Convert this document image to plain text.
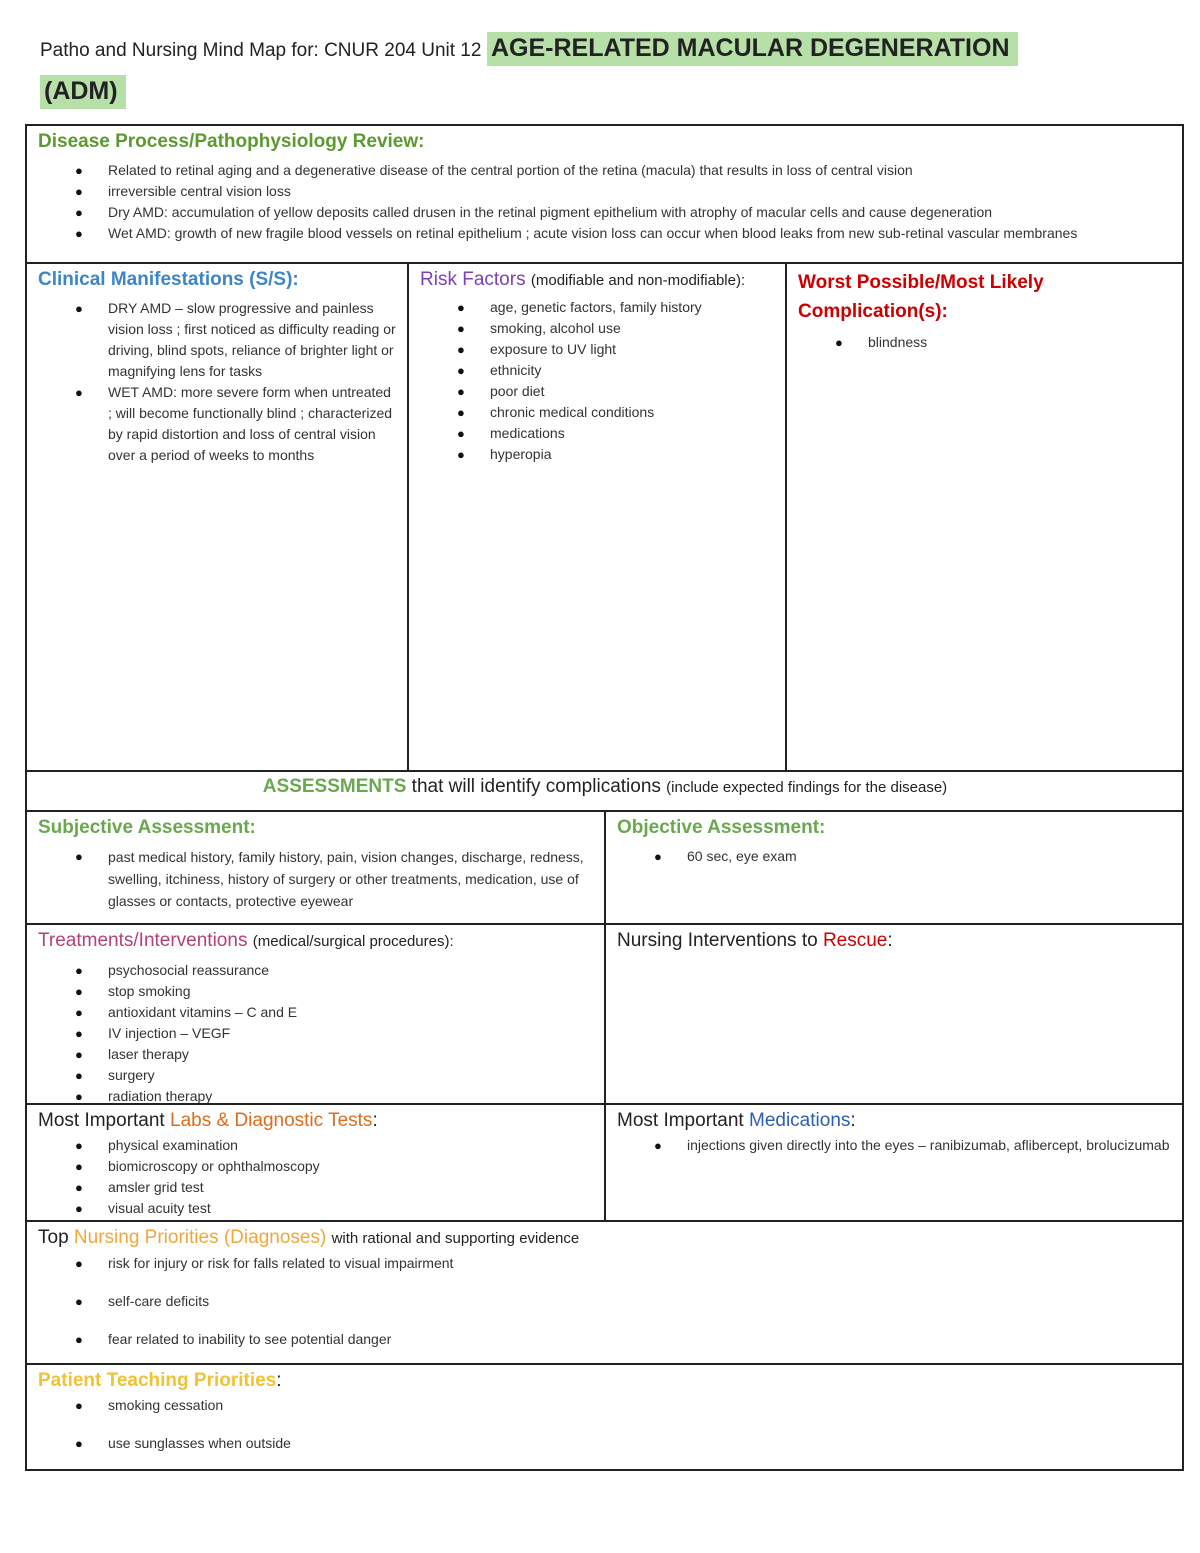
Patho and Nursing Mind Map for: CNUR 204 Unit 12 AGE-RELATED MACULAR DEGENERATION
(ADM)
Disease Process/Pathophysiology Review:
● Related to retinal aging and a degenerative disease of the central portion of the retina (macula) that results in loss of central vision
● irreversible central vision loss
● Dry AMD: accumulation of yellow deposits called drusen in the retinal pigment epithelium with atrophy of macular cells and cause degeneration
● Wet AMD: growth of new fragile blood vessels on retinal epithelium ; acute vision loss can occur when blood leaks from new sub-retinal vascular membranes
Clinical Manifestations (S/S):
● DRY AMD – slow progressive and painless vision loss ; first noticed as difficulty reading or driving, blind spots, reliance of brighter light or magnifying lens for tasks
● WET AMD: more severe form when untreated ; will become functionally blind ; characterized by rapid distortion and loss of central vision over a period of weeks to months
Risk Factors (modifiable and non-modifiable):
● age, genetic factors, family history
● smoking, alcohol use
● exposure to UV light
● ethnicity
● poor diet
● chronic medical conditions
● medications
● hyperopia
Worst Possible/Most Likely Complication(s):
● blindness
ASSESSMENTS that will identify complications (include expected findings for the disease)
Subjective Assessment:
● past medical history, family history, pain, vision changes, discharge, redness, swelling, itchiness, history of surgery or other treatments, medication, use of glasses or contacts, protective eyewear
Objective Assessment:
● 60 sec, eye exam
Treatments/Interventions (medical/surgical procedures):
● psychosocial reassurance
● stop smoking
● antioxidant vitamins – C and E
● IV injection – VEGF
● laser therapy
● surgery
● radiation therapy
Nursing Interventions to Rescue:
Most Important Labs & Diagnostic Tests:
● physical examination
● biomicroscopy or ophthalmoscopy
● amsler grid test
● visual acuity test
Most Important Medications:
● injections given directly into the eyes – ranibizumab, aflibercept, brolucizumab
Top Nursing Priorities (Diagnoses) with rational and supporting evidence
● risk for injury or risk for falls related to visual impairment
● self-care deficits
● fear related to inability to see potential danger
Patient Teaching Priorities:
● smoking cessation
● use sunglasses when outside
